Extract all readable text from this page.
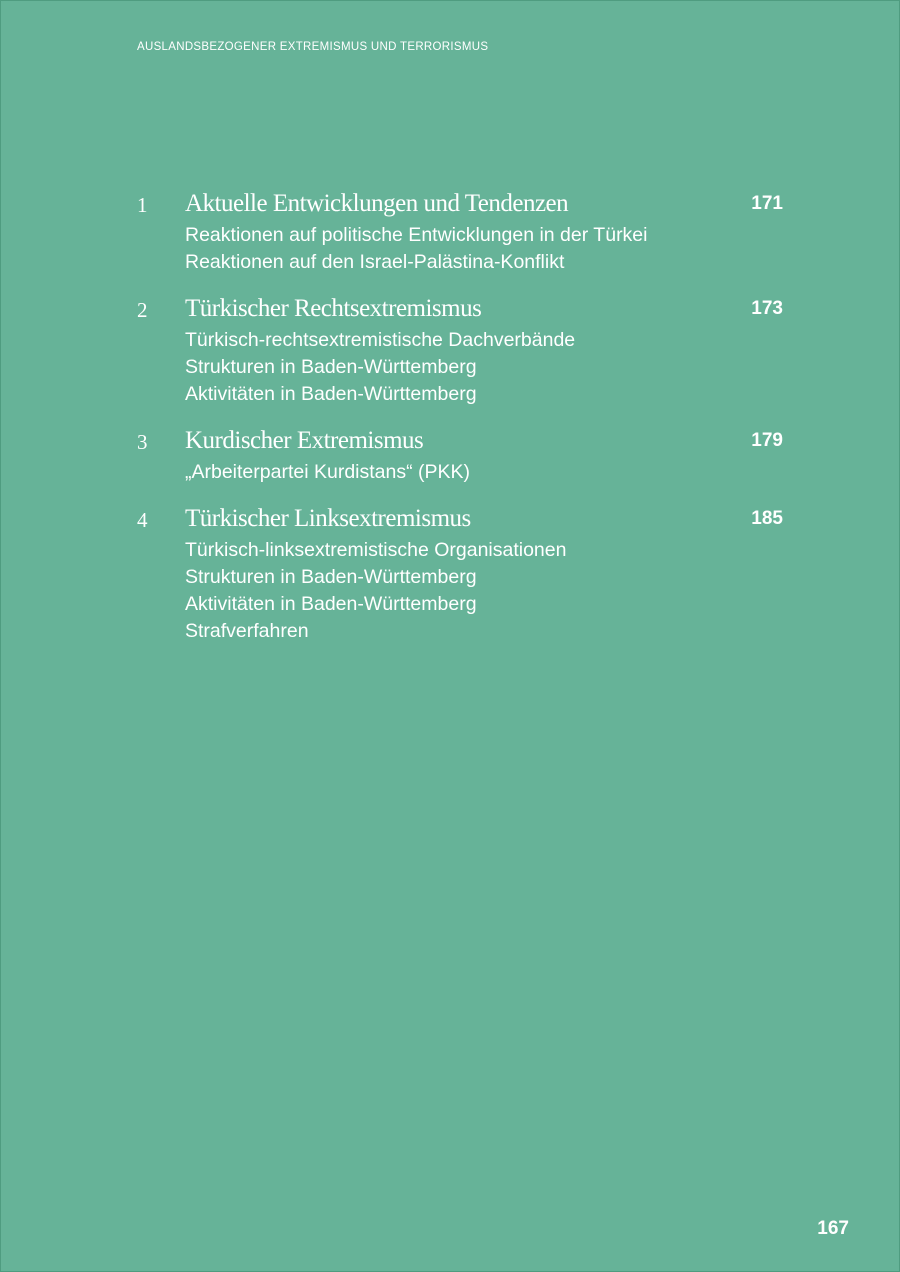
AUSLANDSBEZOGENER EXTREMISMUS UND TERRORISMUS
1 Aktuelle Entwicklungen und Tendenzen	171
Reaktionen auf politische Entwicklungen in der Türkei
Reaktionen auf den Israel-Palästina-Konflikt
2 Türkischer Rechtsextremismus	173
Türkisch-rechtsextremistische Dachverbände
Strukturen in Baden-Württemberg
Aktivitäten in Baden-Württemberg
3 Kurdischer Extremismus	179
„Arbeiterpartei Kurdistans“ (PKK)
4 Türkischer Linksextremismus	185
Türkisch-linksextremistische Organisationen
Strukturen in Baden-Württemberg
Aktivitäten in Baden-Württemberg
Strafverfahren
167
